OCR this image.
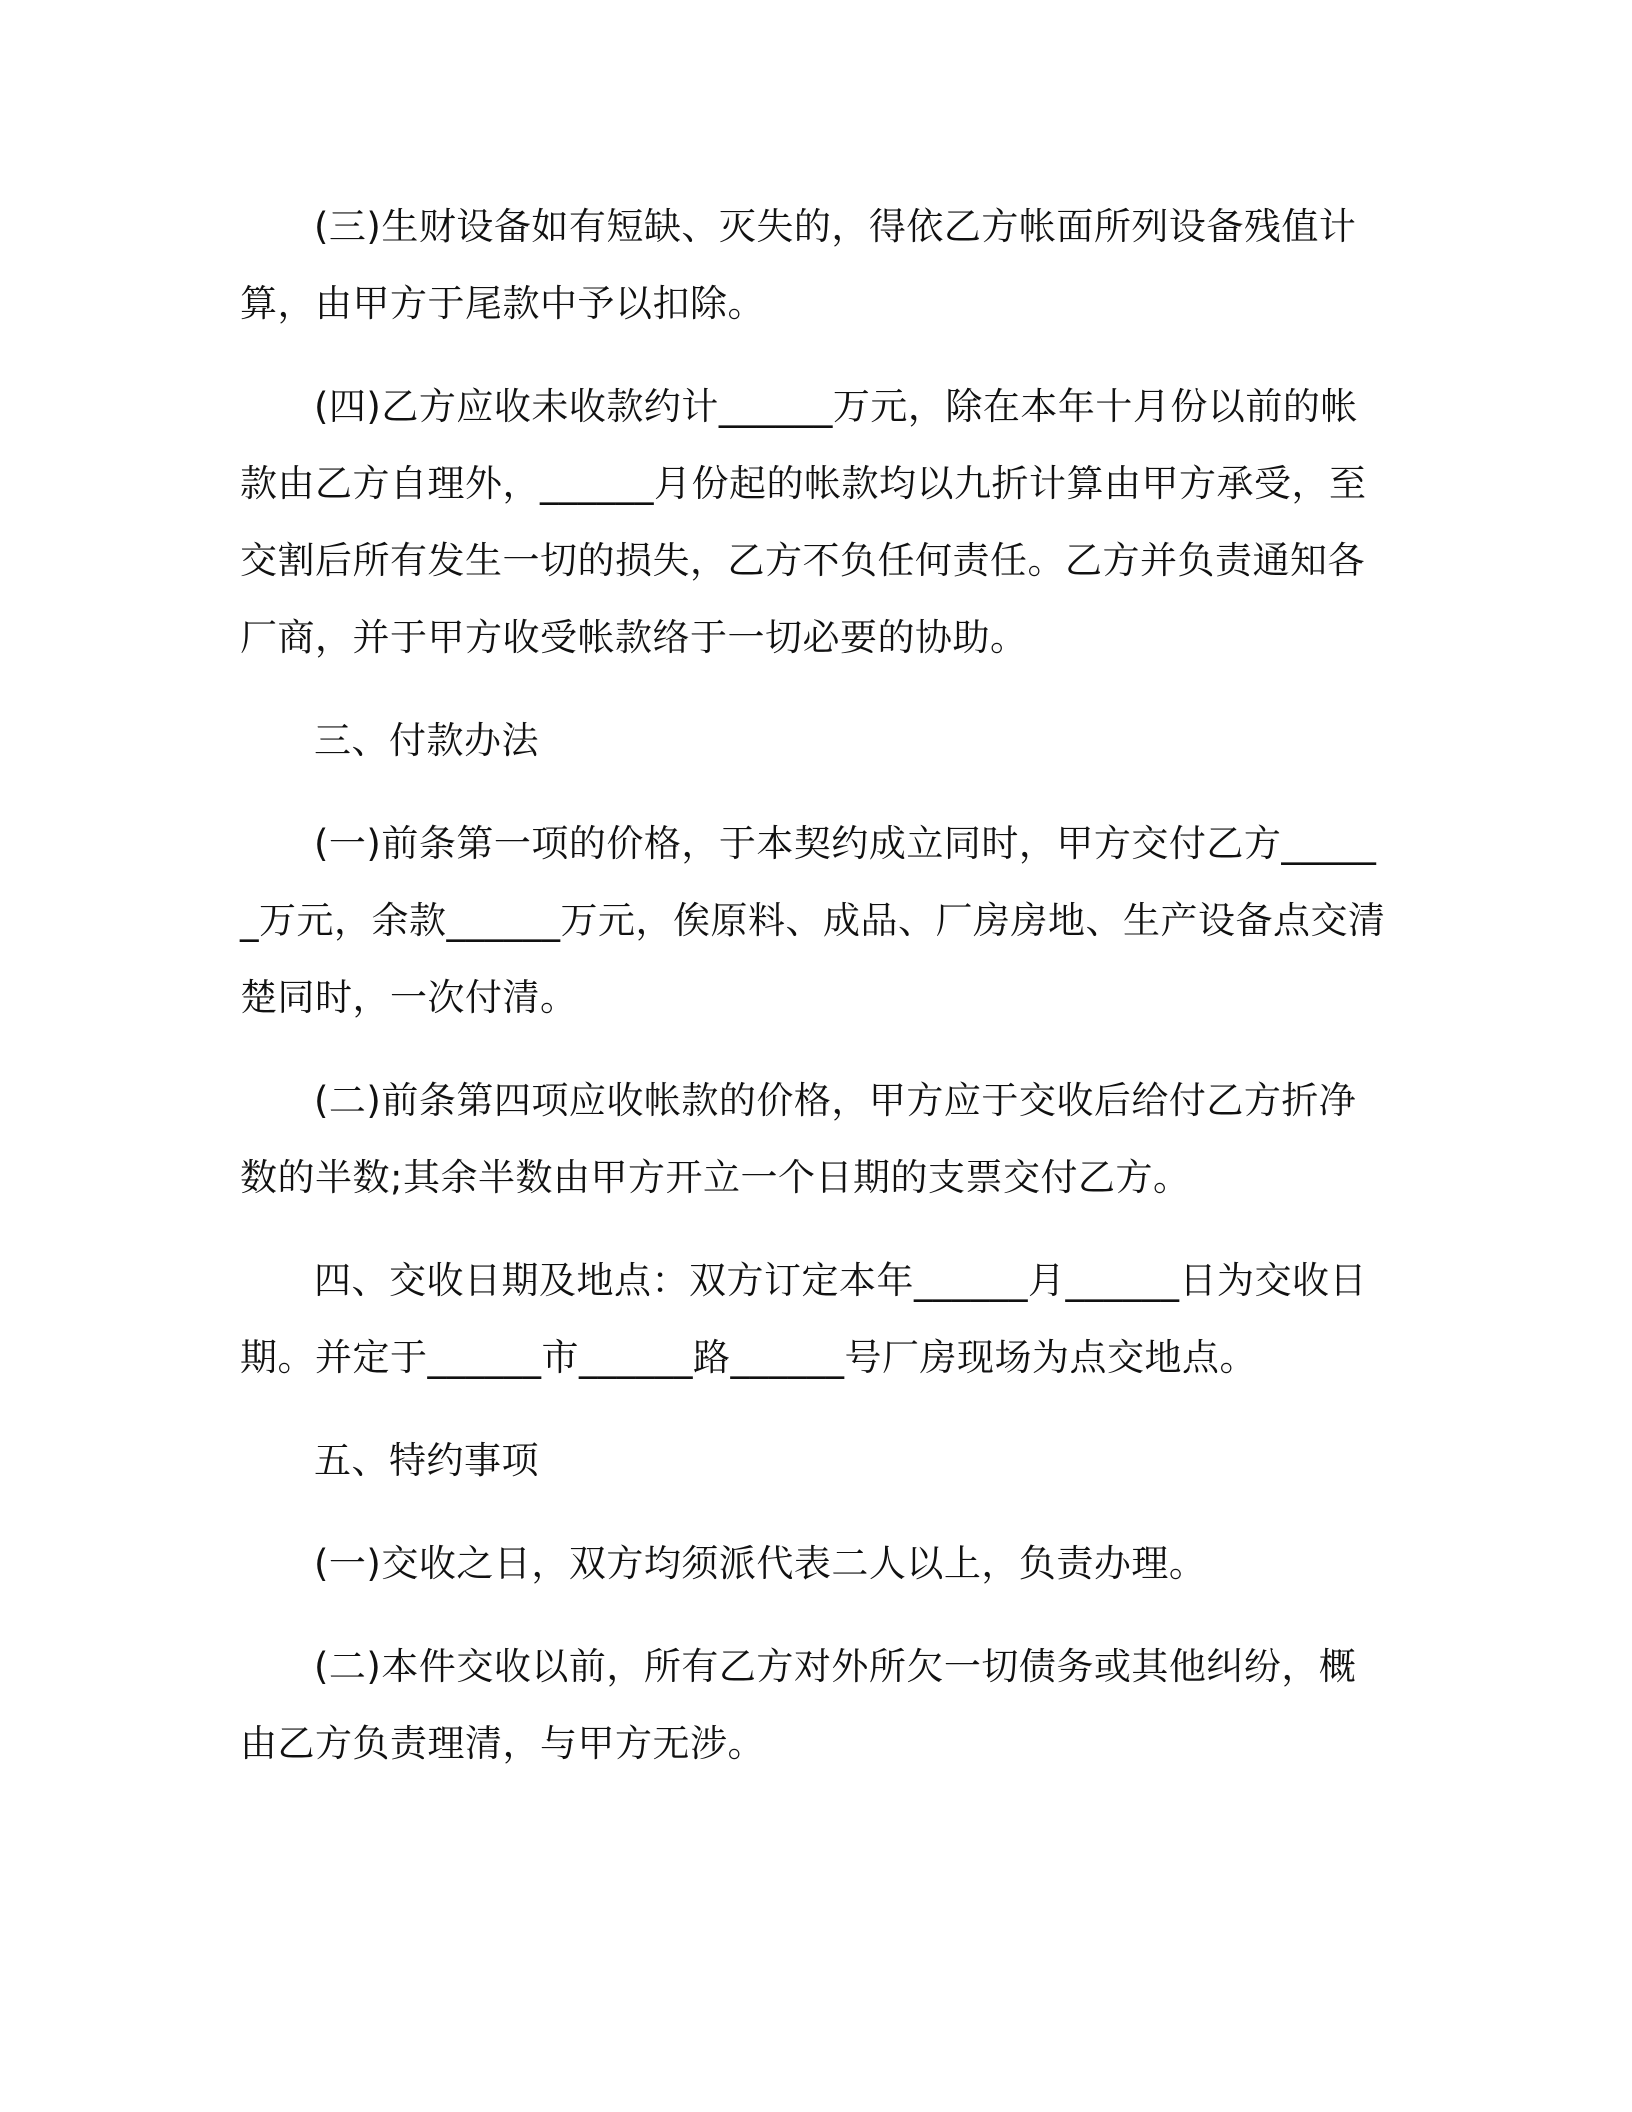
(三)生财设备如有短缺、灭失的，得依乙方帐面所列设备残值计算，由甲方于尾款中予以扣除。

(四)乙方应收未收款约计______万元，除在本年十月份以前的帐款由乙方自理外，______月份起的帐款均以九折计算由甲方承受，至交割后所有发生一切的损失，乙方不负任何责任。乙方并负责通知各厂商，并于甲方收受帐款络于一切必要的协助。

三、付款办法

(一)前条第一项的价格，于本契约成立同时，甲方交付乙方______万元，余款______万元，俟原料、成品、厂房房地、生产设备点交清楚同时，一次付清。

(二)前条第四项应收帐款的价格，甲方应于交收后给付乙方折净数的半数;其余半数由甲方开立一个日期的支票交付乙方。

四、交收日期及地点：双方订定本年______月______日为交收日期。并定于______市______路______号厂房现场为点交地点。

五、特约事项

(一)交收之日，双方均须派代表二人以上，负责办理。

(二)本件交收以前，所有乙方对外所欠一切债务或其他纠纷，概由乙方负责理清，与甲方无涉。
